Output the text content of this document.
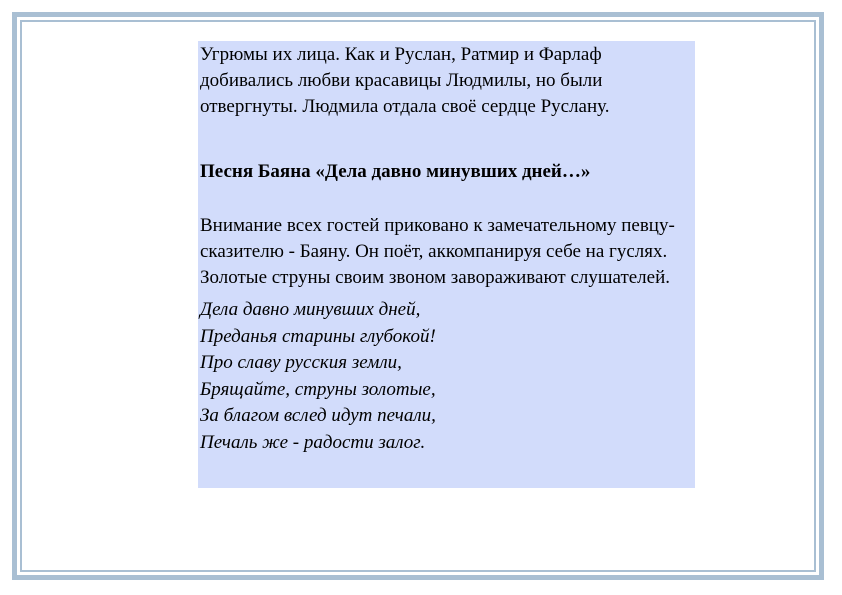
Угрюмы их лица. Как и Руслан, Ратмир и Фарлаф добивались любви красавицы Людмилы, но были отвергнуты. Людмила отдала своё сердце Руслану.

Песня Баяна «Дела давно минувших дней…»

Внимание всех гостей приковано к замечательному певцу-сказителю - Баяну. Он поёт, аккомпанируя себе на гуслях. Золотые струны своим звоном завораживают слушателей.

Дела давно минувших дней,
Преданья старины глубокой!
Про славу русския земли,
Брящайте, струны золотые,
За благом вслед идут печали,
Печаль же - радости залог.
